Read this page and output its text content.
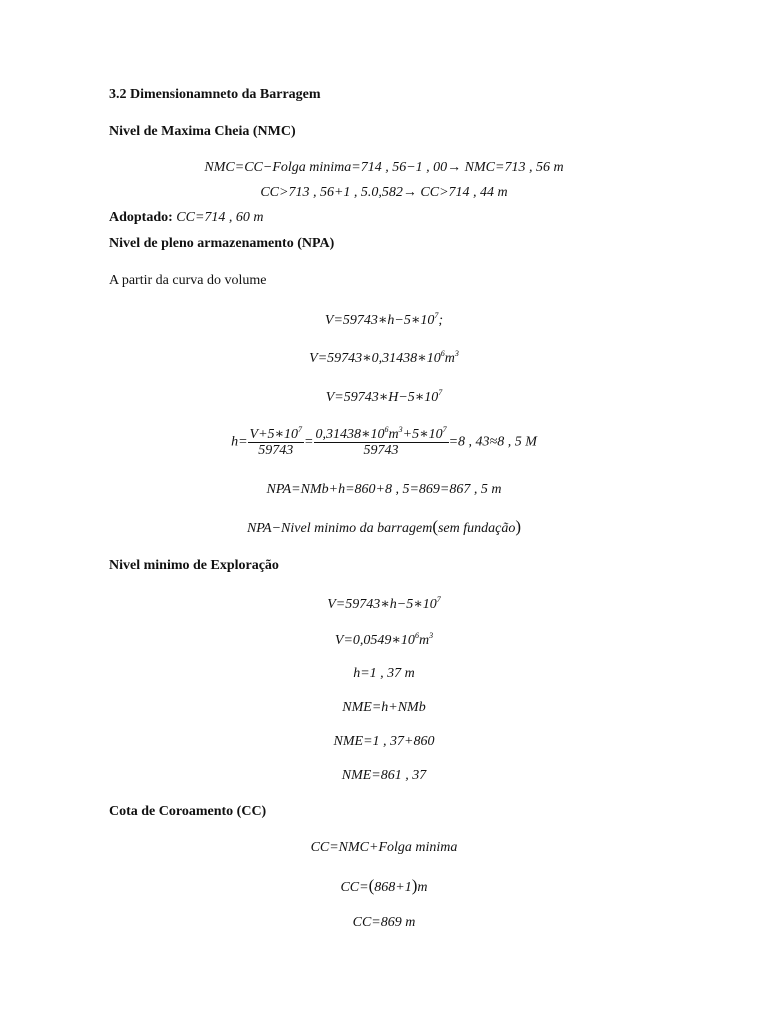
3.2 Dimensionamneto da Barragem
Nivel de Maxima Cheia (NMC)
NMC=CC−Folga minima=714 , 56−1 , 00→ NMC=713 , 56 m
CC>713 , 56+1 , 5.0,582→ CC>714 , 44 m
Adoptado: CC=714 , 60 m
Nivel de pleno armazenamento (NPA)
A partir da curva do volume
$V=59743∗h-5∗10^7$;
$V=59743∗0,31438∗10^6m^3$
$V=59743∗H-5∗10^7$
$h= \frac{V+5∗10^7}{59743} = \frac{0,31438∗10^6m^3+5∗10^7}{59743} =8$ , 43≈8 , 5 M
NPA=NMb+h=860+8 , 5=869=867 , 5 m
NPA−Nivel minimo da barragem(sem fundação)
Nivel minimo de Exploração
$V=59743∗h-5∗10^7$
$V=0,0549∗10^6m^3$
h=1 , 37 m
NME=h+NMb
NME=1 , 37+860
NME=861 , 37
Cota de Coroamento (CC)
CC=NMC+Folga minima
CC=(868+1)m
CC=869 m
